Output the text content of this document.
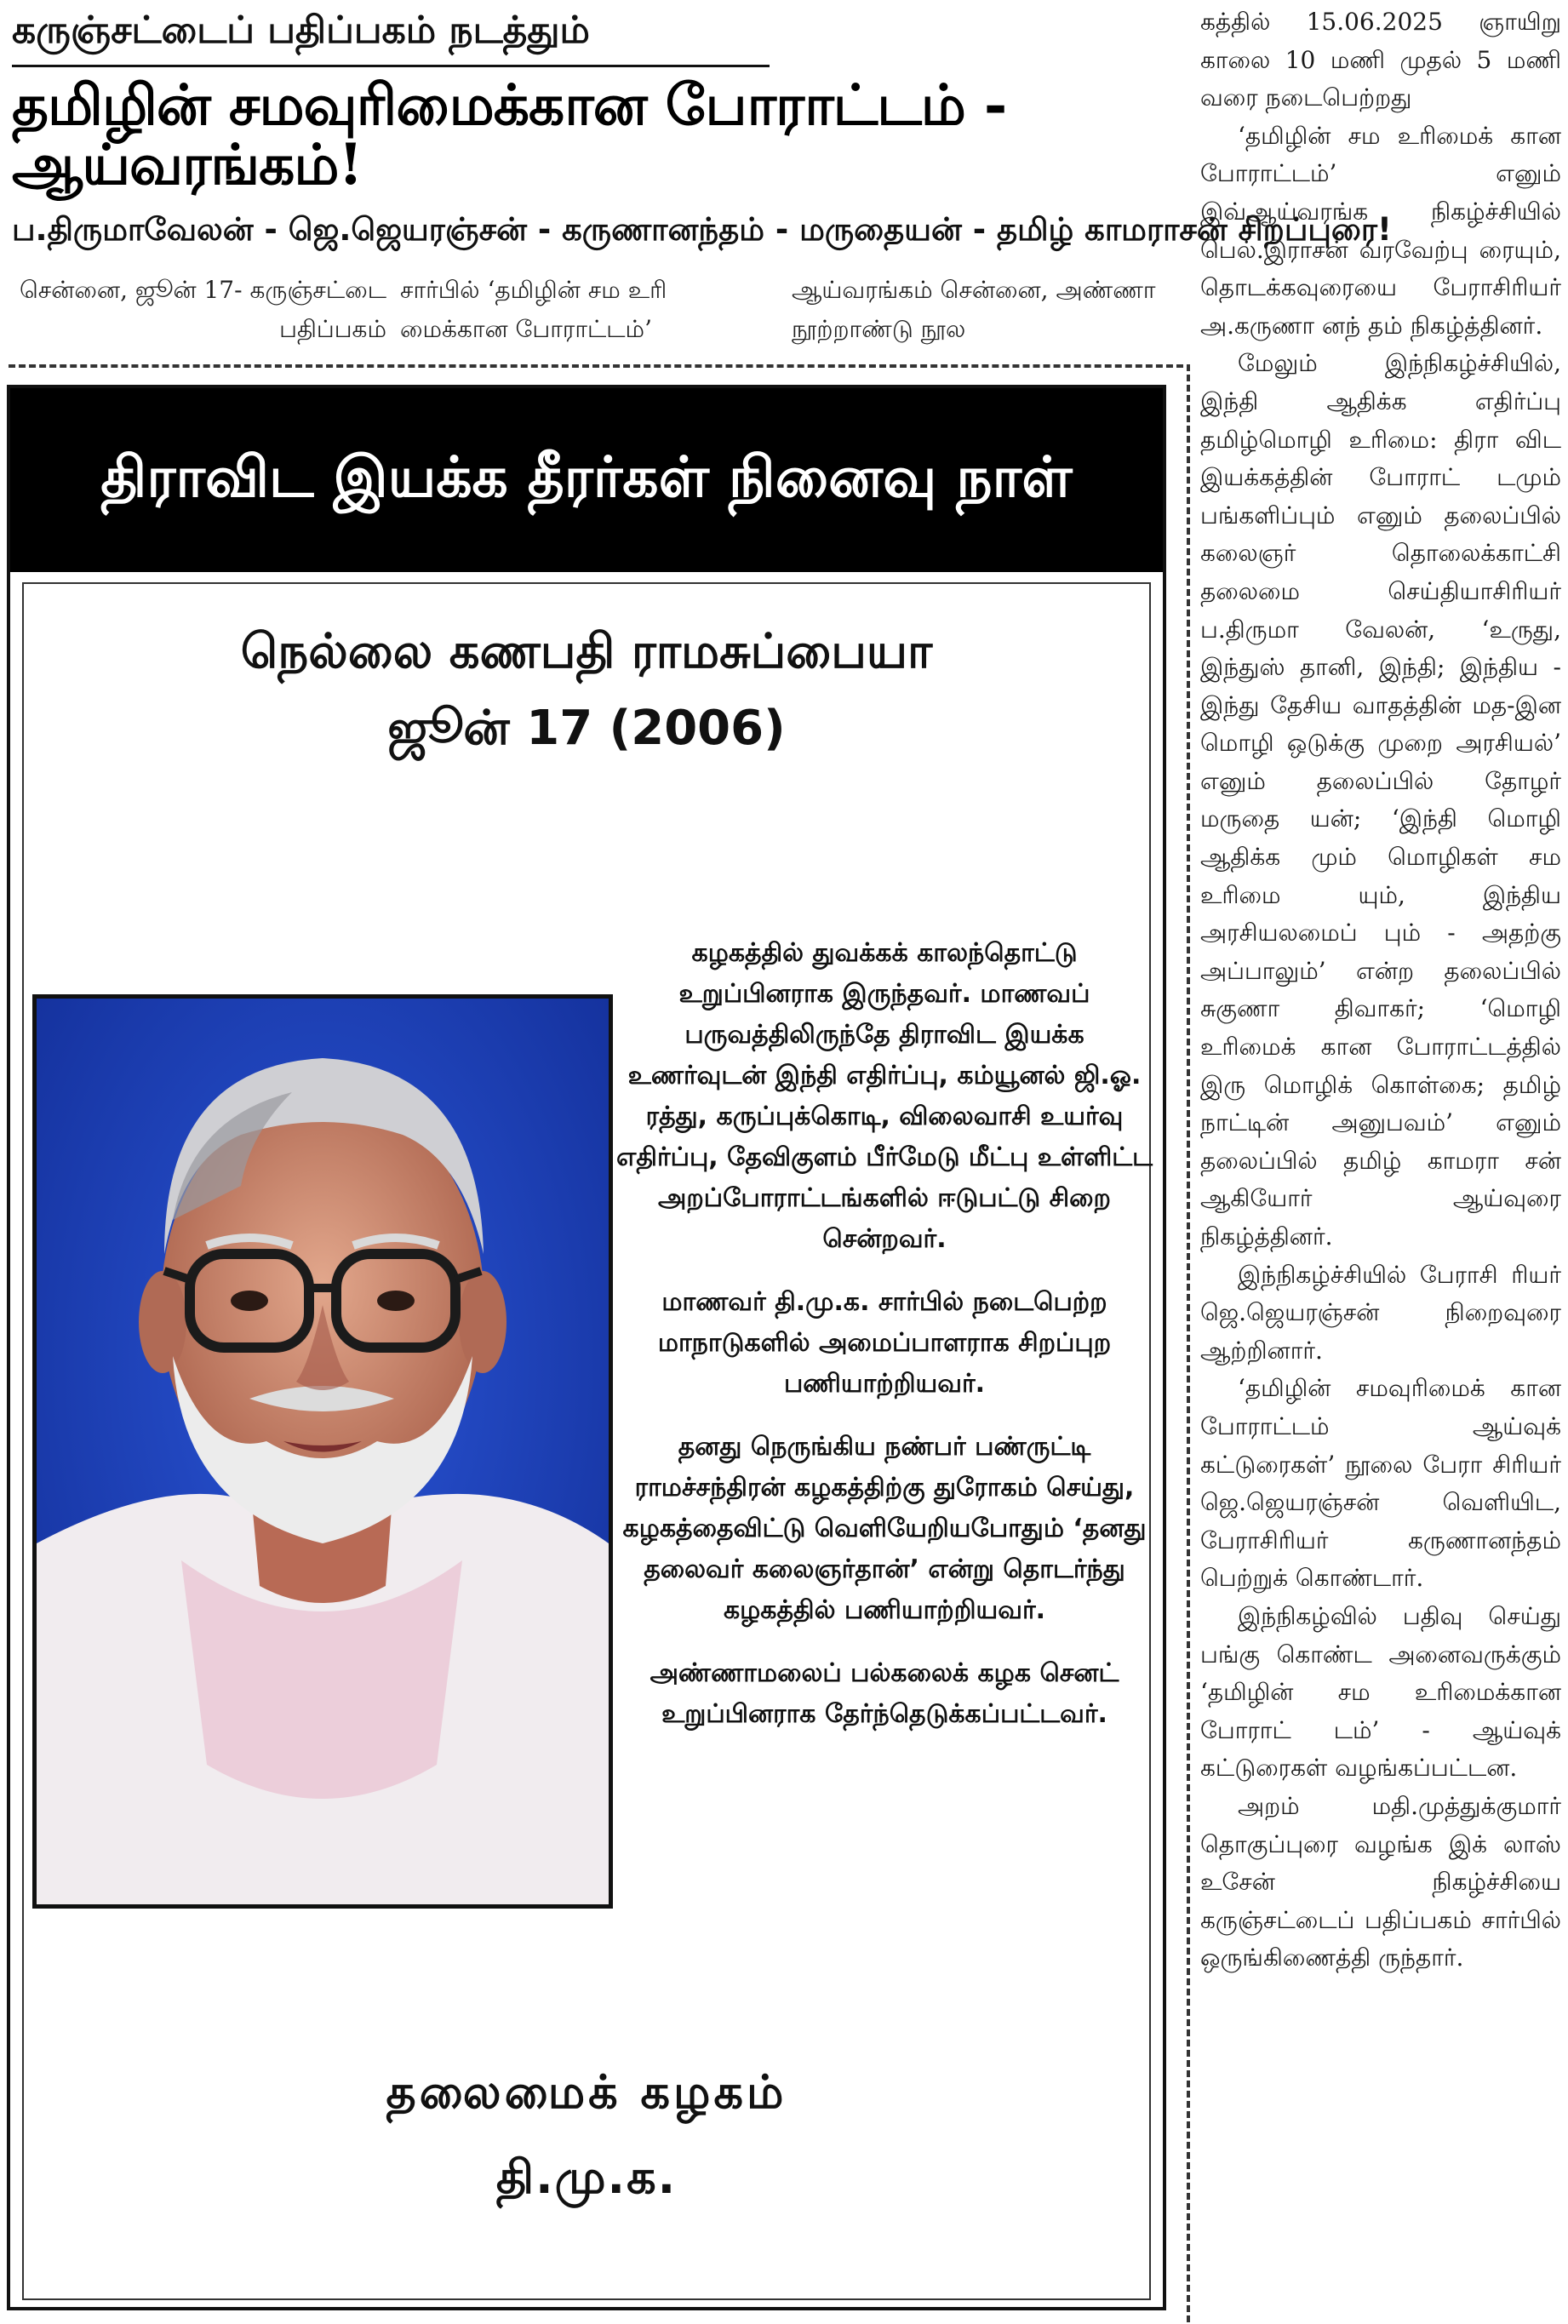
கருஞ்சட்டைப் பதிப்பகம் நடத்தும்
தமிழின் சமவுரிமைக்கான போராட்டம் - ஆய்வரங்கம்!
ப.திருமாவேலன் - ஜெ.ஜெயரஞ்சன் - கருணானந்தம் - மருதையன் - தமிழ் காமராசன் சிறப்புரை!
சென்னை, ஜூன் 17- கருஞ்சட்டை பதிப்பகம்
சார்பில் ‘தமிழின் சம உரி மைக்கான போராட்டம்’
ஆய்வரங்கம் சென்னை, அண்ணா நூற்றாண்டு நூல
திராவிட இயக்க தீரர்கள் நினைவு நாள்
நெல்லை கணபதி ராமசுப்பையா
ஜூன் 17 (2006)

கழகத்தில் துவக்கக் காலந்தொட்டு உறுப்பினராக இருந்தவர். மாணவப் பருவத்திலிருந்தே திராவிட இயக்க உணர்வுடன் இந்தி எதிர்ப்பு, கம்யூனல் ஜி.ஓ. ரத்து, கருப்புக்கொடி, விலைவாசி உயர்வு எதிர்ப்பு, தேவிகுளம் பீர்மேடு மீட்பு உள்ளிட்ட அறப்போராட்டங்களில் ஈடுபட்டு சிறை சென்றவர்.

மாணவர் தி.மு.க. சார்பில் நடைபெற்ற மாநாடுகளில் அமைப்பாளராக சிறப்புற பணியாற்றியவர்.

தனது நெருங்கிய நண்பர் பண்ருட்டி ராமச்சந்திரன் கழகத்திற்கு துரோகம் செய்து, கழகத்தைவிட்டு வெளியேறியபோதும் ‘தனது தலைவர் கலைஞர்தான்’ என்று தொடர்ந்து கழகத்தில் பணியாற்றியவர்.

அண்ணாமலைப் பல்கலைக் கழக செனட் உறுப்பினராக தேர்ந்தெடுக்கப்பட்டவர்.

தலைமைக் கழகம்
தி.மு.க.

கத்தில் 15.06.2025 ஞாயிறு காலை 10 மணி முதல் 5 மணி வரை நடைபெற்றது

‘தமிழின் சம உரிமைக் கான போராட்டம்’ எனும் இவ்ஆய்வரங்க நிகழ்ச்சியில் பெல்.இராசன் வரவேற்பு ரையும், தொடக்கவுரையை பேராசிரியர் அ.கருணா னந் தம் நிகழ்த்தினர்.

மேலும் இந்நிகழ்ச்சியில், இந்தி ஆதிக்க எதிர்ப்பு தமிழ்மொழி உரிமை: திரா விட இயக்கத்தின் போராட் டமும் பங்களிப்பும் எனும் தலைப்பில் கலைஞர் தொலைக்காட்சி தலைமை செய்தியாசிரியர் ப.திருமா வேலன், ‘உருது, இந்துஸ் தானி, இந்தி; இந்திய - இந்து தேசிய வாதத்தின் மத-இன மொழி ஒடுக்கு முறை அரசியல்’ எனும் தலைப்பில் தோழர் மருதை யன்; ‘இந்தி மொழி ஆதிக்க மும் மொழிகள் சம உரிமை யும், இந்திய அரசியலமைப் பும் - அதற்கு அப்பாலும்’ என்ற தலைப்பில் சுகுணா திவாகர்; ‘மொழி உரிமைக் கான போராட்டத்தில் இரு மொழிக் கொள்கை; தமிழ் நாட்டின் அனுபவம்’ எனும் தலைப்பில் தமிழ் காமரா சன் ஆகியோர் ஆய்வுரை நிகழ்த்தினர்.

இந்நிகழ்ச்சியில் பேராசி ரியர் ஜெ.ஜெயரஞ்சன் நிறைவுரை ஆற்றினார்.

‘தமிழின் சமவுரிமைக் கான போராட்டம் ஆய்வுக் கட்டுரைகள்’ நூலை பேரா சிரியர் ஜெ.ஜெயரஞ்சன் வெளியிட, பேராசிரியர் கருணானந்தம் பெற்றுக் கொண்டார்.

இந்நிகழ்வில் பதிவு செய்து பங்கு கொண்ட அனைவருக்கும் ‘தமிழின் சம உரிமைக்கான போராட் டம்’ - ஆய்வுக் கட்டுரைகள் வழங்கப்பட்டன.

அறம் மதி.முத்துக்குமார் தொகுப்புரை வழங்க இக் லாஸ் உசேன் நிகழ்ச்சியை கருஞ்சட்டைப் பதிப்பகம் சார்பில் ஒருங்கிணைத்தி ருந்தார்.
